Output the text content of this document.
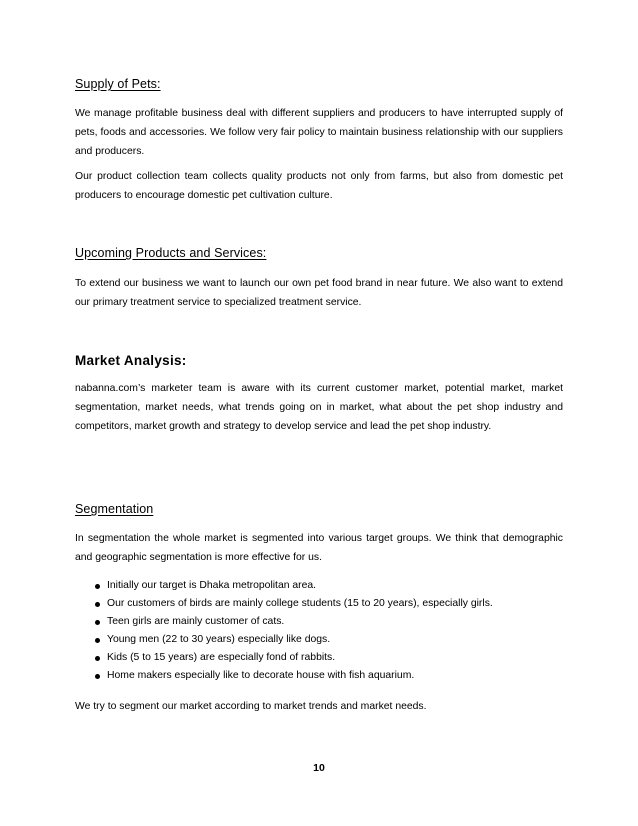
Supply of Pets:

We manage profitable business deal with different suppliers and producers to have interrupted supply of pets, foods and accessories. We follow very fair policy to maintain business relationship with our suppliers and producers.

Our product collection team collects quality products not only from farms, but also from domestic pet producers to encourage domestic pet cultivation culture.

Upcoming Products and Services:

To extend our business we want to launch our own pet food brand in near future. We also want to extend our primary treatment service to specialized treatment service.

Market Analysis:

nabanna.com’s marketer team is aware with its current customer market, potential market, market segmentation, market needs, what trends going on in market, what about the pet shop industry and competitors, market growth and strategy to develop service and lead the pet shop industry.

Segmentation

In segmentation the whole market is segmented into various target groups. We think that demographic and geographic segmentation is more effective for us.

Initially our target is Dhaka metropolitan area.
Our customers of birds are mainly college students (15 to 20 years), especially girls.
Teen girls are mainly customer of cats.
Young men (22 to 30 years) especially like dogs.
Kids (5 to 15 years) are especially fond of rabbits.
Home makers especially like to decorate house with fish aquarium.

We try to segment our market according to market trends and market needs.

10
